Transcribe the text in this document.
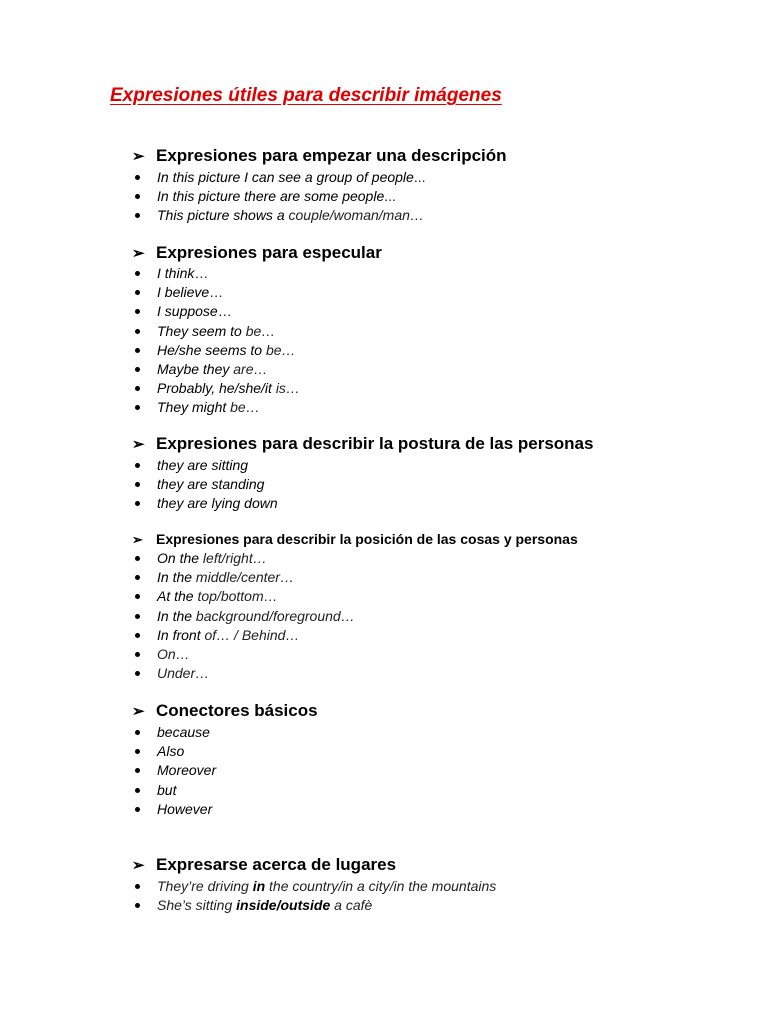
Expresiones útiles para describir imágenes
➢ Expresiones para empezar una descripción
In this picture I can see a group of people...
In this picture there are some people...
This picture shows a couple/woman/man…
➢ Expresiones para especular
I think…
I believe…
I suppose…
They seem to be…
He/she seems to be…
Maybe they are…
Probably, he/she/it is…
They might be…
➢ Expresiones para describir la postura de las personas
they are sitting
they are standing
they are lying down
➢ Expresiones para describir la posición de las cosas y personas
On the left/right…
In the middle/center…
At the top/bottom…
In the background/foreground…
In front of… / Behind…
On…
Under…
➢ Conectores básicos
because
Also
Moreover
but
However
➢ Expresarse acerca de lugares
They’re driving in the country/in a city/in the mountains
She’s sitting inside/outside a cafè
